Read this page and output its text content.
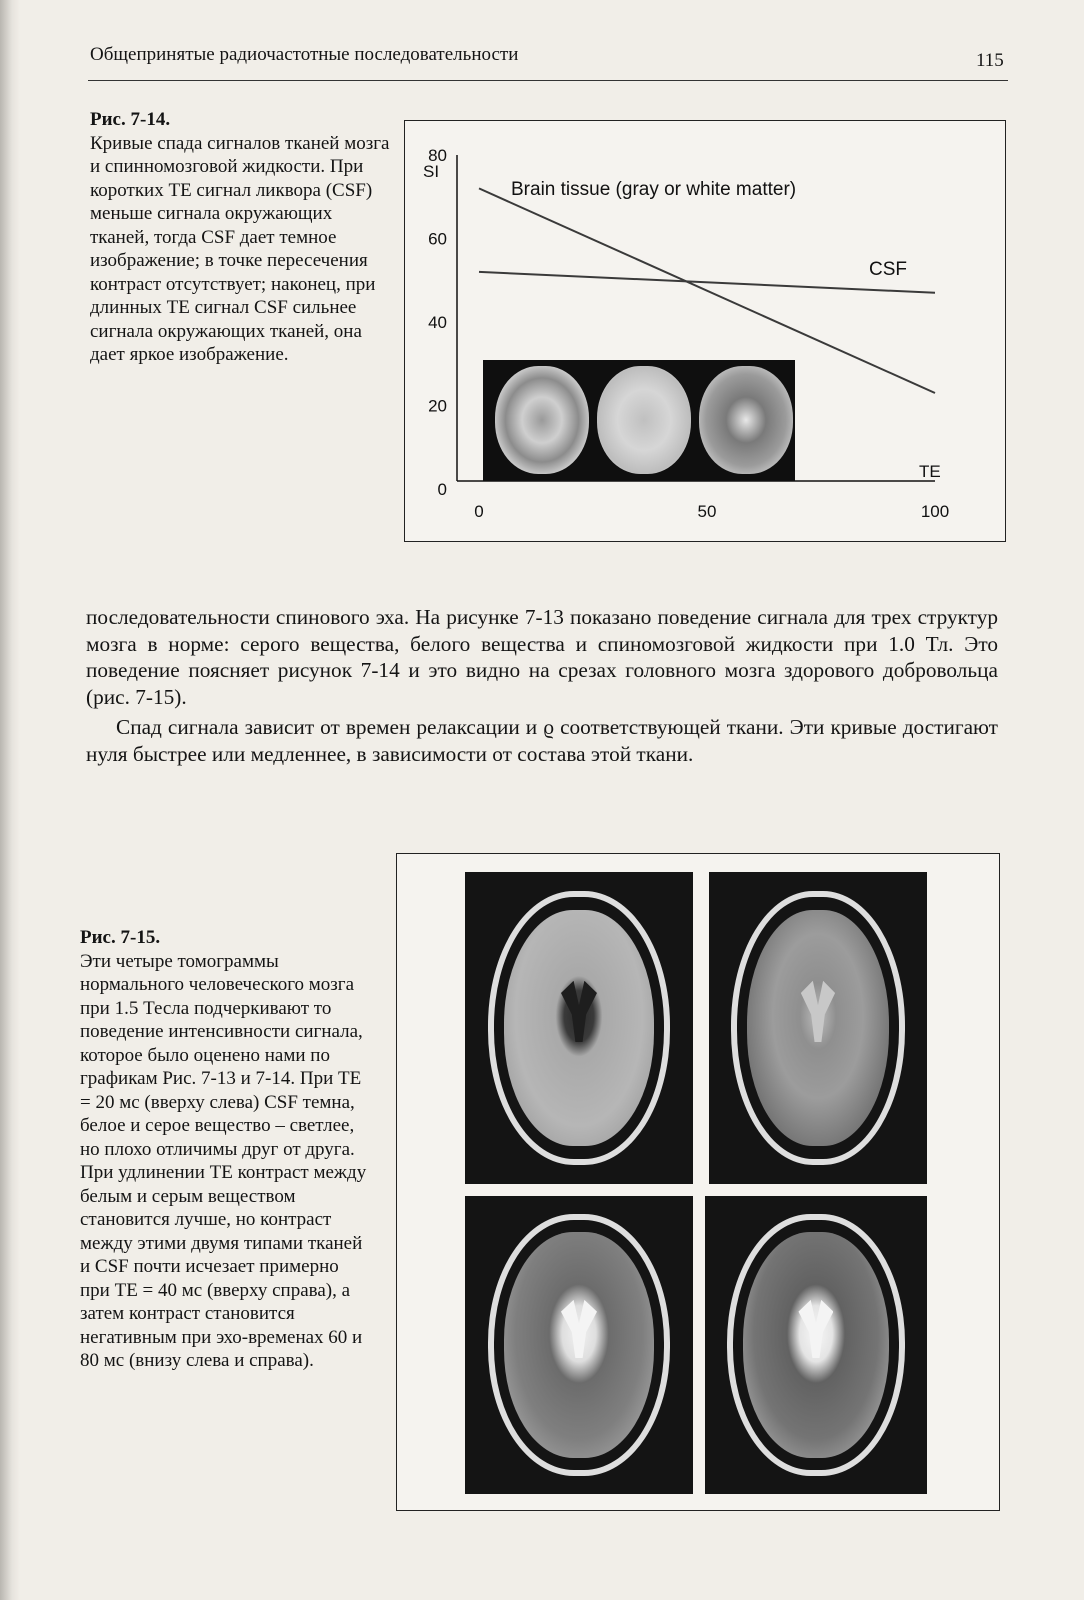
Общепринятые радиочастотные последовательности	115
Рис. 7-14.
Кривые спада сигналов тканей мозга и спинномозговой жидкости. При коротких TE сигнал ликвора (CSF) меньше сигнала окружающих тканей, тогда CSF дает темное изображение; в точке пересечения контраст отсутствует; наконец, при длинных TE сигнал CSF сильнее сигнала окружающих тканей, она дает яркое изображение.
SI
TE
0
20
40
60
80
0	50	100
Brain tissue (gray or white matter)
CSF

последовательности спинового эха. На рисунке 7-13 показано поведение сигнала для трех структур мозга в норме: серого вещества, белого вещества и спиномозговой жидкости при 1.0 Тл. Это поведение поясняет рисунок 7-14 и это видно на срезах головного мозга здорового добровольца (рис. 7-15).

Спад сигнала зависит от времен релаксации и ϱ соответствующей ткани. Эти кривые достигают нуля быстрее или медленнее, в зависимости от состава этой ткани.

Рис. 7-15.
Эти четыре томограммы нормального человеческого мозга при 1.5 Тесла подчеркивают то поведение интенсивности сигнала, которое было оценено нами по графикам Рис. 7-13 и 7-14. При TE = 20 мс (вверху слева) CSF темна, белое и серое вещество – светлее, но плохо отличимы друг от друга. При удлинении TE контраст между белым и серым веществом становится лучше, но контраст между этими двумя типами тканей и CSF почти исчезает примерно при TE = 40 мс (вверху справа), а затем контраст становится негативным при эхо-временах 60 и 80 мс (внизу слева и справа).
